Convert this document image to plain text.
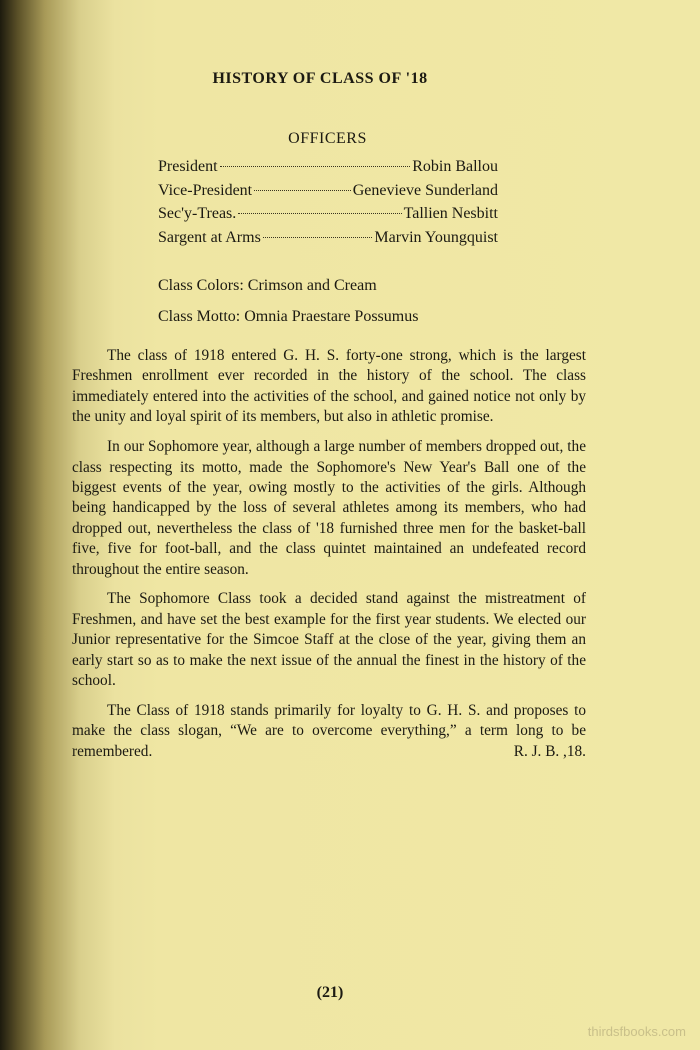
HISTORY OF CLASS OF '18
OFFICERS
President	Robin Ballou
Vice-President	Genevieve Sunderland
Sec'y-Treas.	Tallien Nesbitt
Sargent at Arms	Marvin Youngquist
Class Colors: Crimson and Cream
Class Motto: Omnia Praestare Possumus

The class of 1918 entered G. H. S. forty-one strong, which is the largest Freshmen enrollment ever recorded in the history of the school. The class immediately entered into the activities of the school, and gained notice not only by the unity and loyal spirit of its members, but also in athletic promise.

In our Sophomore year, although a large number of members dropped out, the class respecting its motto, made the Sophomore's New Year's Ball one of the biggest events of the year, owing mostly to the activities of the girls. Although being handicapped by the loss of several athletes among its members, who had dropped out, nevertheless the class of '18 furnished three men for the basket-ball five, five for foot-ball, and the class quintet maintained an undefeated record throughout the entire season.

The Sophomore Class took a decided stand against the mistreatment of Freshmen, and have set the best example for the first year students. We elected our Junior representative for the Simcoe Staff at the close of the year, giving them an early start so as to make the next issue of the annual the finest in the history of the school.

The Class of 1918 stands primarily for loyalty to G. H. S. and proposes to make the class slogan, “We are to overcome everything,” a term long to be remembered.	R. J. B. ,18.

(21)
thirdsfbooks.com
